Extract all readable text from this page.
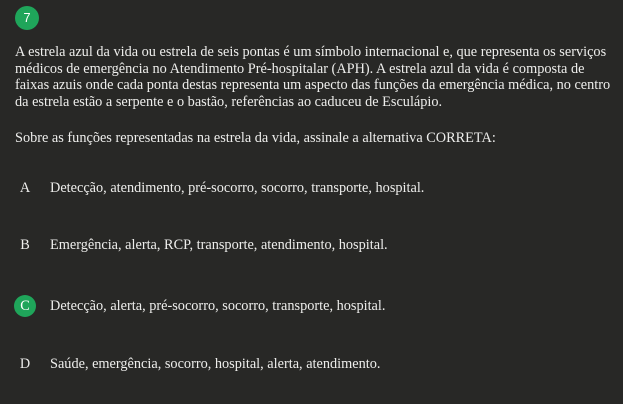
7

A estrela azul da vida ou estrela de seis pontas é um símbolo internacional e, que representa os serviços médicos de emergência no Atendimento Pré-hospitalar (APH). A estrela azul da vida é composta de faixas azuis onde cada ponta destas representa um aspecto das funções da emergência médica, no centro da estrela estão a serpente e o bastão, referências ao caduceu de Esculápio.

Sobre as funções representadas na estrela da vida, assinale a alternativa CORRETA:

A	Detecção, atendimento, pré-socorro, socorro, transporte, hospital.
B	Emergência, alerta, RCP, transporte, atendimento, hospital.
C	Detecção, alerta, pré-socorro, socorro, transporte, hospital.
D	Saúde, emergência, socorro, hospital, alerta, atendimento.
